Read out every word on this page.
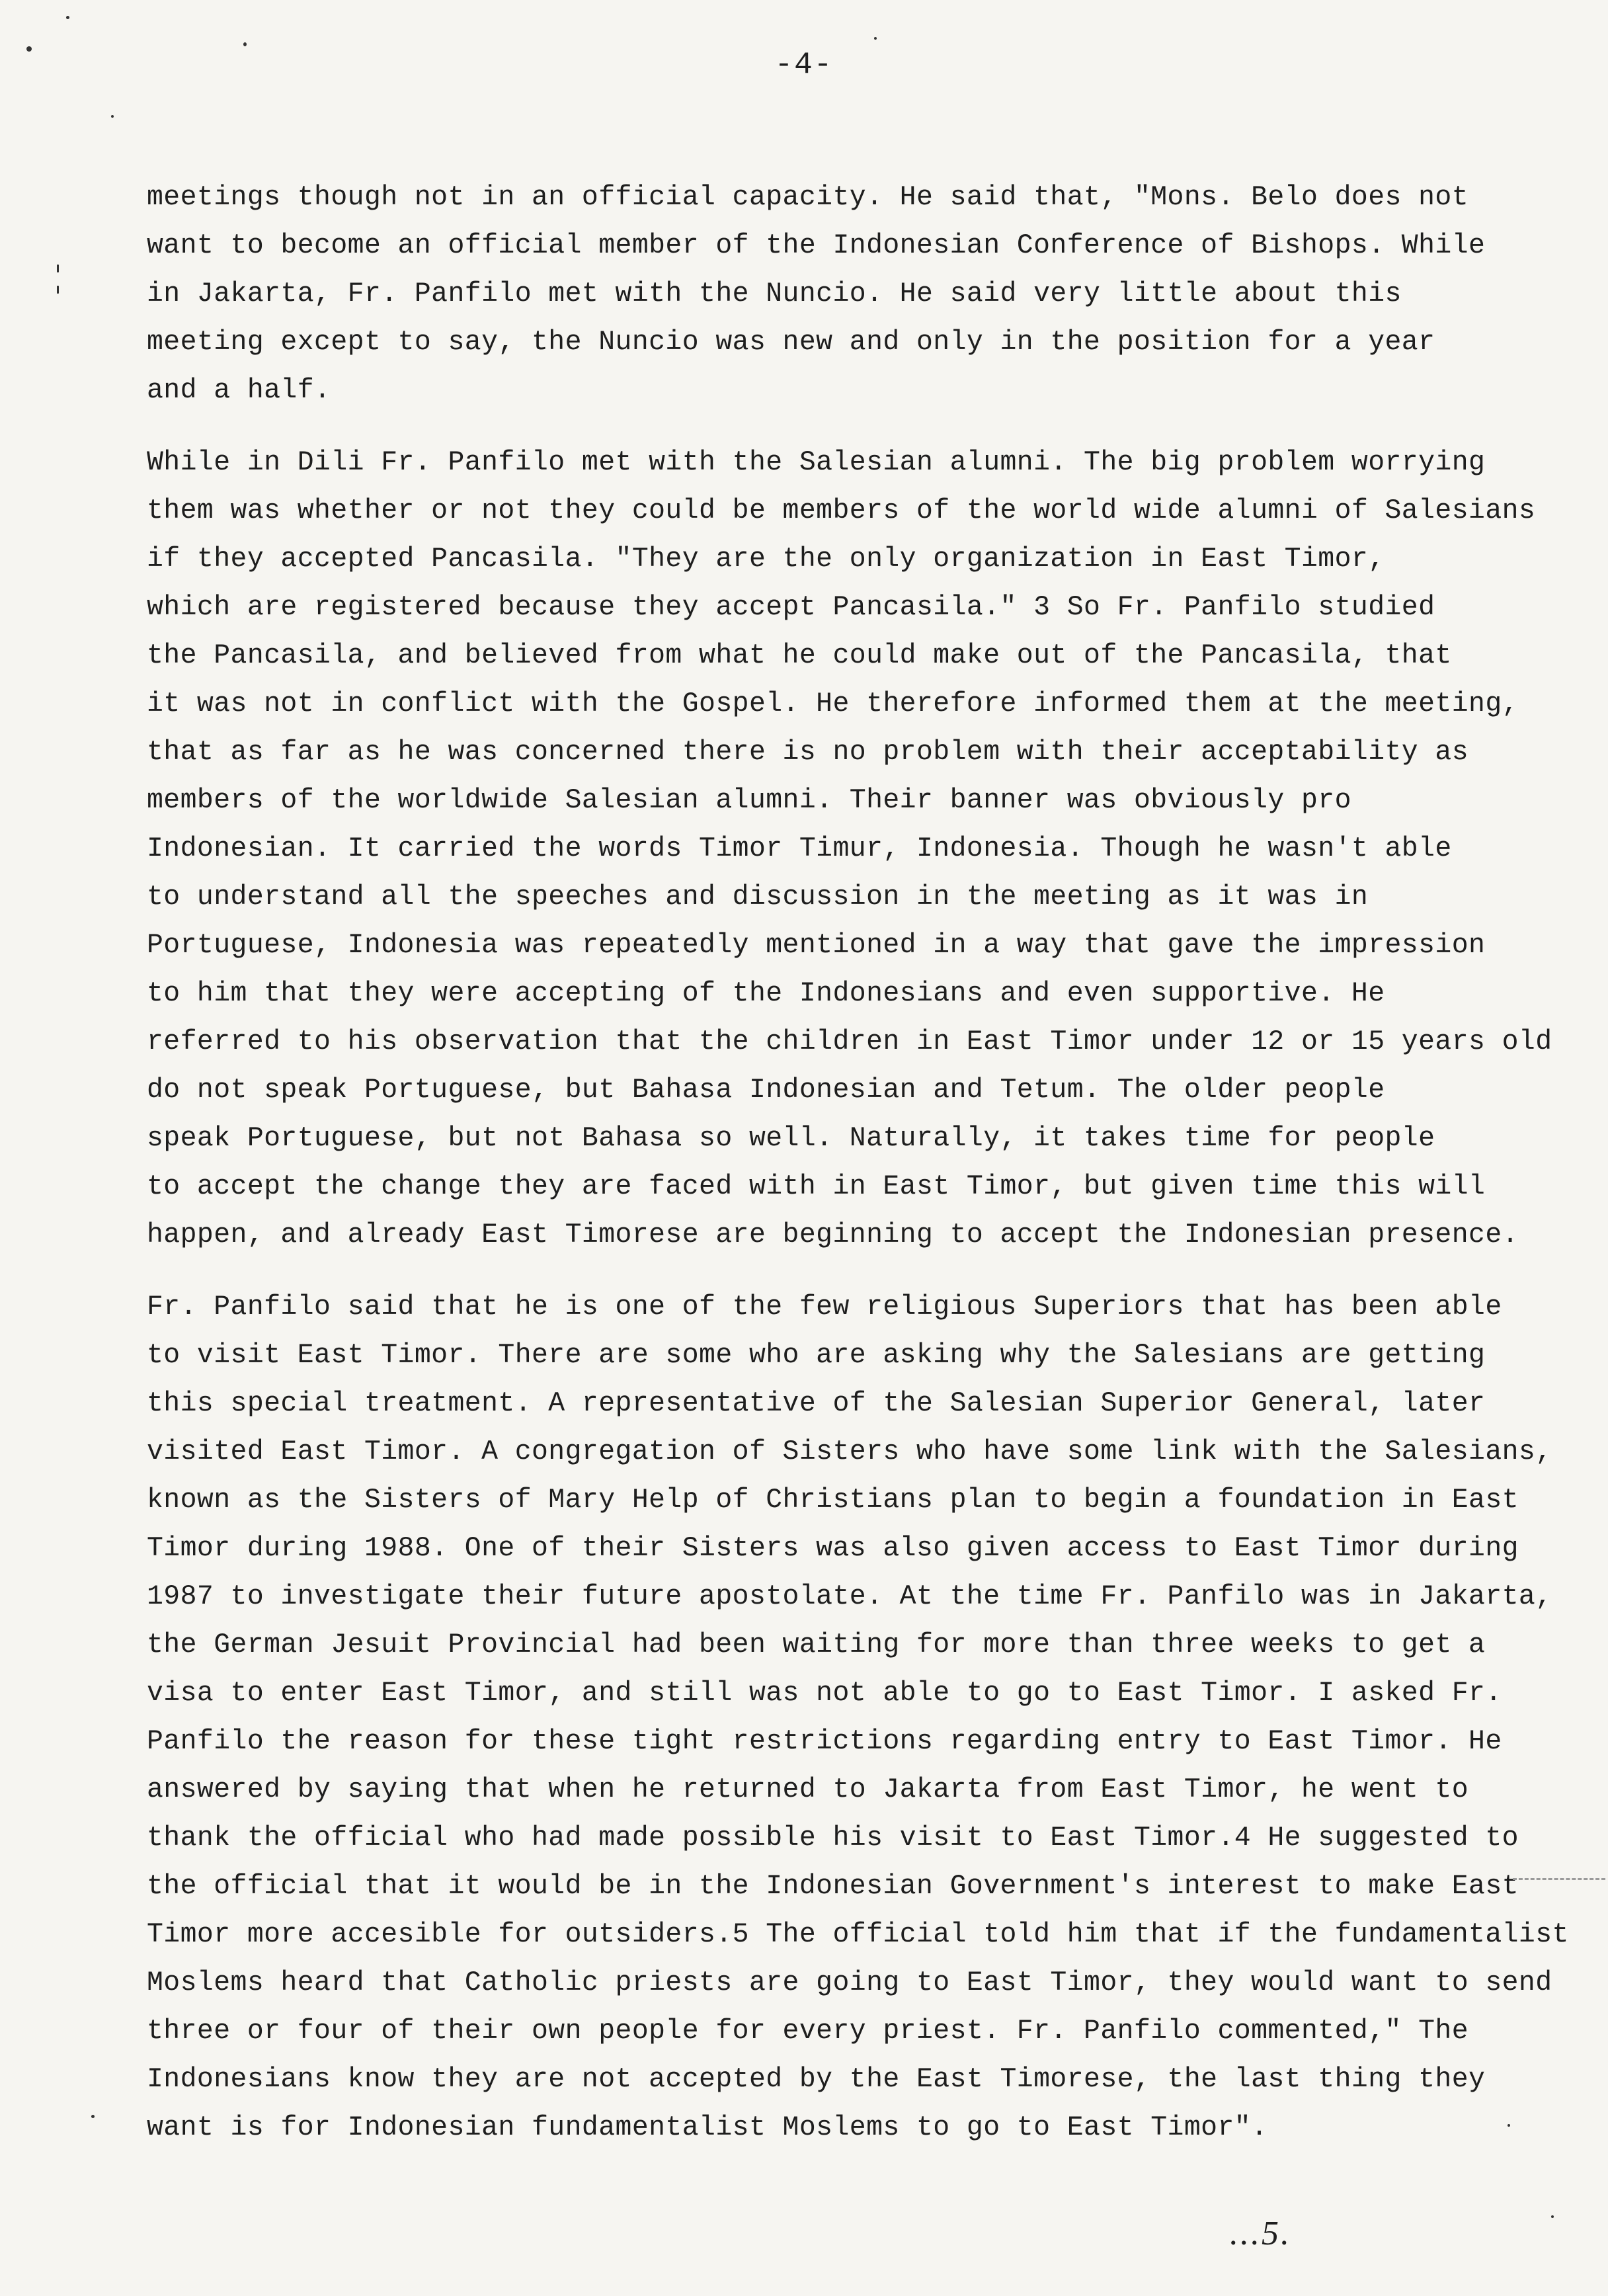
-4-
meetings though not in an official capacity. He said that, "Mons. Belo does not
want to become an official member of the Indonesian Conference of Bishops. While
in Jakarta, Fr. Panfilo met with the Nuncio. He said very little about this
meeting except to say, the Nuncio was new and only in the position for a year
and a half.
While in Dili Fr. Panfilo met with the Salesian alumni. The big problem worrying
them was whether or not they could be members of the world wide alumni of Salesians
if they accepted Pancasila. "They are the only organization in East Timor,
which are registered because they accept Pancasila." 3 So Fr. Panfilo studied
the Pancasila, and believed from what he could make out of the Pancasila, that
it was not in conflict with the Gospel. He therefore informed them at the meeting,
that as far as he was concerned there is no problem with their acceptability as
members of the worldwide Salesian alumni. Their banner was obviously pro
Indonesian. It carried the words Timor Timur, Indonesia. Though he wasn't able
to understand all the speeches and discussion in the meeting as it was in
Portuguese, Indonesia was repeatedly mentioned in a way that gave the impression
to him that they were accepting of the Indonesians and even supportive. He
referred to his observation that the children in East Timor under 12 or 15 years old
do not speak Portuguese, but Bahasa Indonesian and Tetum. The older people
speak Portuguese, but not Bahasa so well. Naturally, it takes time for people
to accept the change they are faced with in East Timor, but given time this will
happen, and already East Timorese are beginning to accept the Indonesian presence.
Fr. Panfilo said that he is one of the few religious Superiors that has been able
to visit East Timor. There are some who are asking why the Salesians are getting
this special treatment. A representative of the Salesian Superior General, later
visited East Timor. A congregation of Sisters who have some link with the Salesians,
known as the Sisters of Mary Help of Christians plan to begin a foundation in East
Timor during 1988. One of their Sisters was also given access to East Timor during
1987 to investigate their future apostolate. At the time Fr. Panfilo was in Jakarta,
the German Jesuit Provincial had been waiting for more than three weeks to get a
visa to enter East Timor, and still was not able to go to East Timor. I asked Fr.
Panfilo the reason for these tight restrictions regarding entry to East Timor. He
answered by saying that when he returned to Jakarta from East Timor, he went to
thank the official who had made possible his visit to East Timor.4 He suggested to
the official that it would be in the Indonesian Government's interest to make East
Timor more accesible for outsiders.5 The official told him that if the fundamentalist
Moslems heard that Catholic priests are going to East Timor, they would want to send
three or four of their own people for every priest. Fr. Panfilo commented," The
Indonesians know they are not accepted by the East Timorese, the last thing they
want is for Indonesian fundamentalist Moslems to go to East Timor".
...5.
